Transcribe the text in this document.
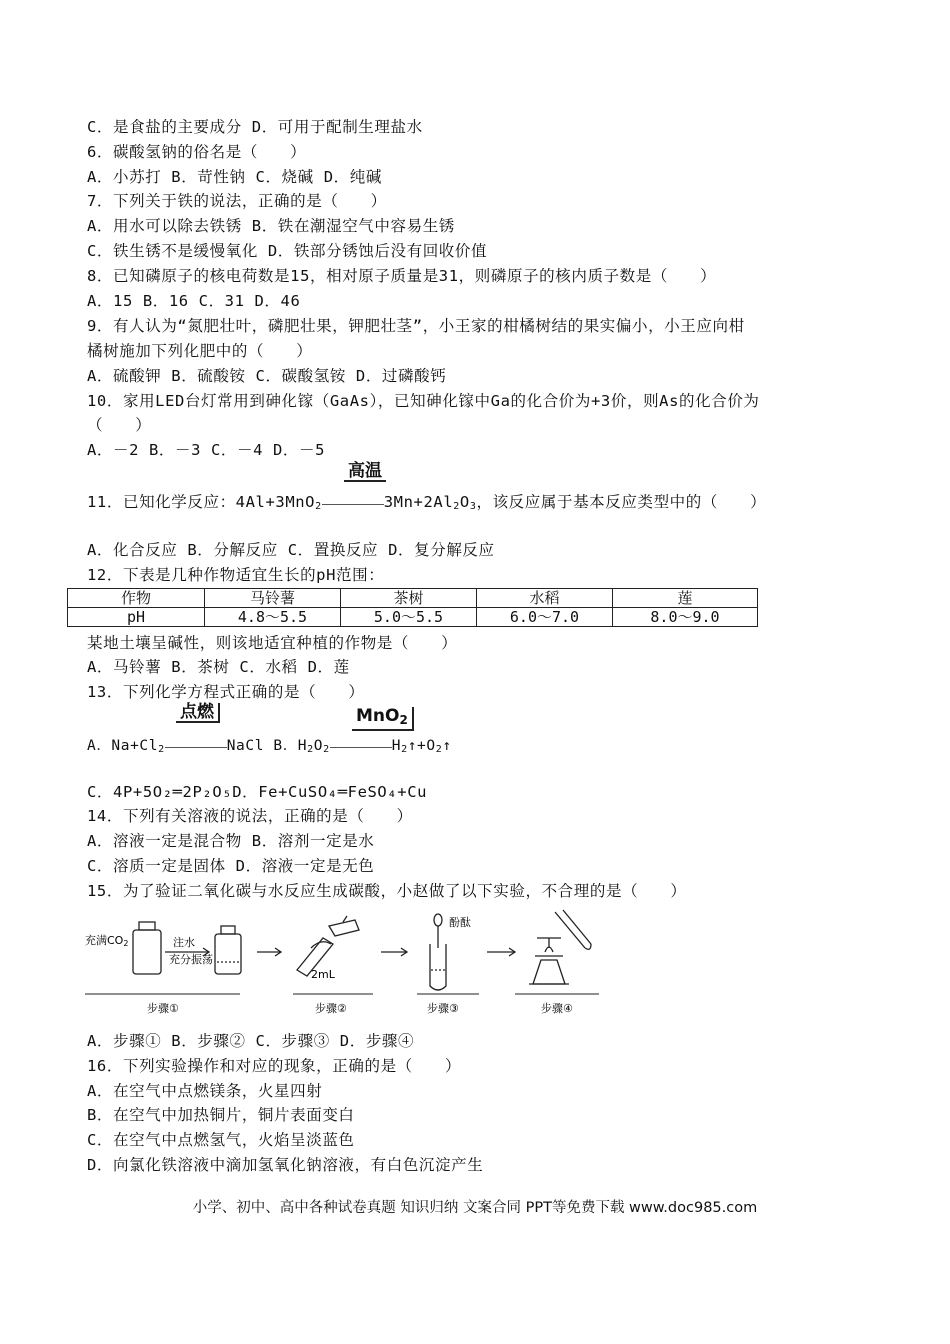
C．是食盐的主要成分 D．可用于配制生理盐水
6．碳酸氢钠的俗名是（　　）
A．小苏打 B．苛性钠 C．烧碱 D．纯碱
7．下列关于铁的说法，正确的是（　　）
A．用水可以除去铁锈 B．铁在潮湿空气中容易生锈
C．铁生锈不是缓慢氧化 D．铁部分锈蚀后没有回收价值
8．已知磷原子的核电荷数是15，相对原子质量是31，则磷原子的核内质子数是（　　）
A．15 B．16 C．31 D．46
9．有人认为“氮肥壮叶，磷肥壮果，钾肥壮茎”，小王家的柑橘树结的果实偏小，小王应向柑
橘树施加下列化肥中的（　　）
A．硫酸钾 B．硫酸铵 C．碳酸氢铵 D．过磷酸钙
10．家用LED台灯常用到砷化镓（GaAs），已知砷化镓中Ga的化合价为+3价，则As的化合价为
（　　）
A．－2 B．－3 C．－4 D．－5
高温
11．已知化学反应：4Al+3MnO$_2$	$3Mn+2Al_2O_3$，该反应属于基本反应类型中的（　　）
A．化合反应 B．分解反应 C．置换反应 D．复分解反应
12．下表是几种作物适宜生长的pH范围：
作物	马铃薯	茶树	水稻	莲
pH	4.8～5.5	5.0～5.5	6.0～7.0	8.0～9.0
某地土壤呈碱性，则该地适宜种植的作物是（　　）
A．马铃薯 B．茶树 C．水稻 D．莲
13．下列化学方程式正确的是（　　）
点燃	MnO2
A．$Na+Cl_2$	NaCl B．$H_2O_2$	$H_2↑+O_2↑$
C．4P+5O₂═2P₂O₅D．Fe+CuSO₄═FeSO₄+Cu
14．下列有关溶液的说法，正确的是（　　）
A．溶液一定是混合物 B．溶剂一定是水
C．溶质一定是固体 D．溶液一定是无色
15．为了验证二氧化碳与水反应生成碳酸，小赵做了以下实验，不合理的是（　　）
充满CO2	注水
充分振荡
步骤①
2mL
步骤②
酚酞
步骤③	步骤④
A．步骤① B．步骤② C．步骤③ D．步骤④
16．下列实验操作和对应的现象，正确的是（　　）
A．在空气中点燃镁条，火星四射
B．在空气中加热铜片，铜片表面变白
C．在空气中点燃氢气，火焰呈淡蓝色
D．向氯化铁溶液中滴加氢氧化钠溶液，有白色沉淀产生
小学、初中、高中各种试卷真题 知识归纳 文案合同 PPT等免费下载 www.doc985.com
